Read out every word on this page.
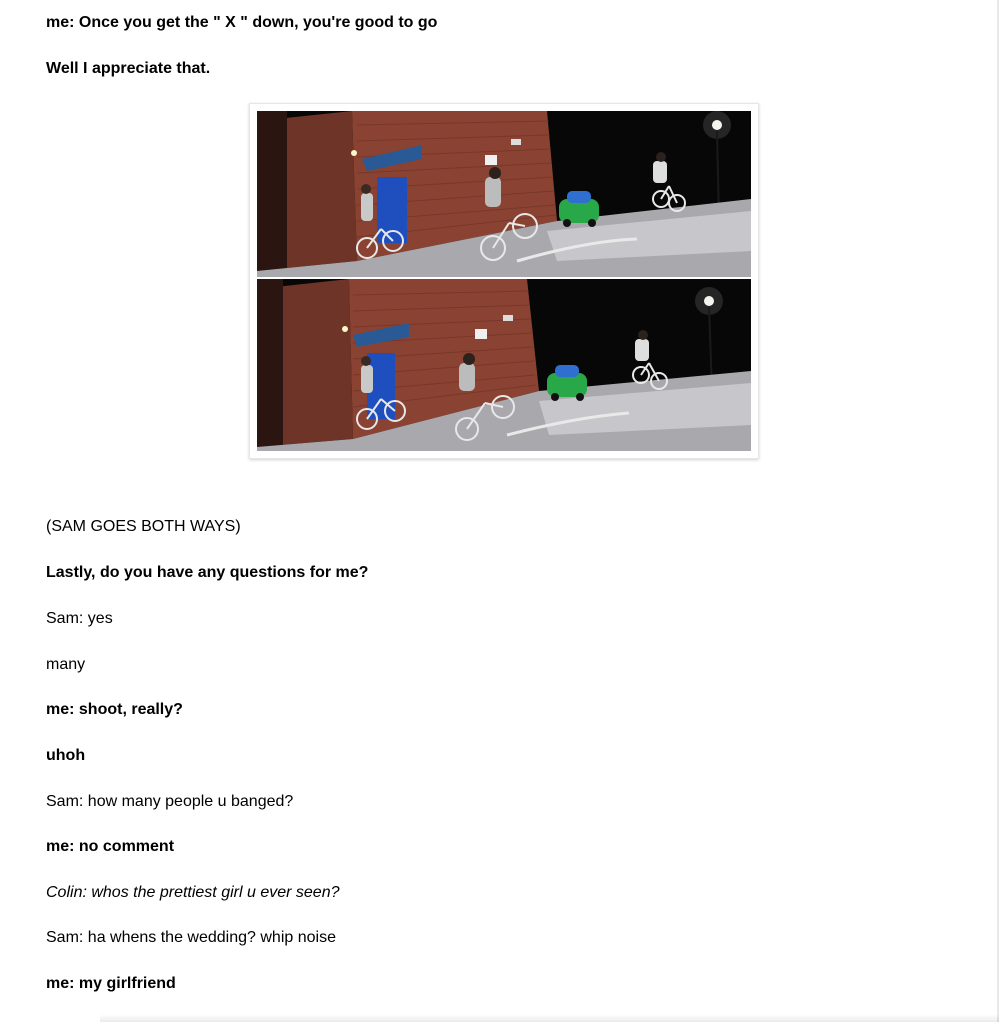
me: Once you get the " X " down, you're good to go
Well I appreciate that.
(SAM GOES BOTH WAYS)
Lastly, do you have any questions for me?
Sam: yes
many
me: shoot, really?
uhoh
Sam: how many people u banged?
me: no comment
Colin: whos the prettiest girl u ever seen?
Sam: ha whens the wedding? whip noise
me: my girlfriend
